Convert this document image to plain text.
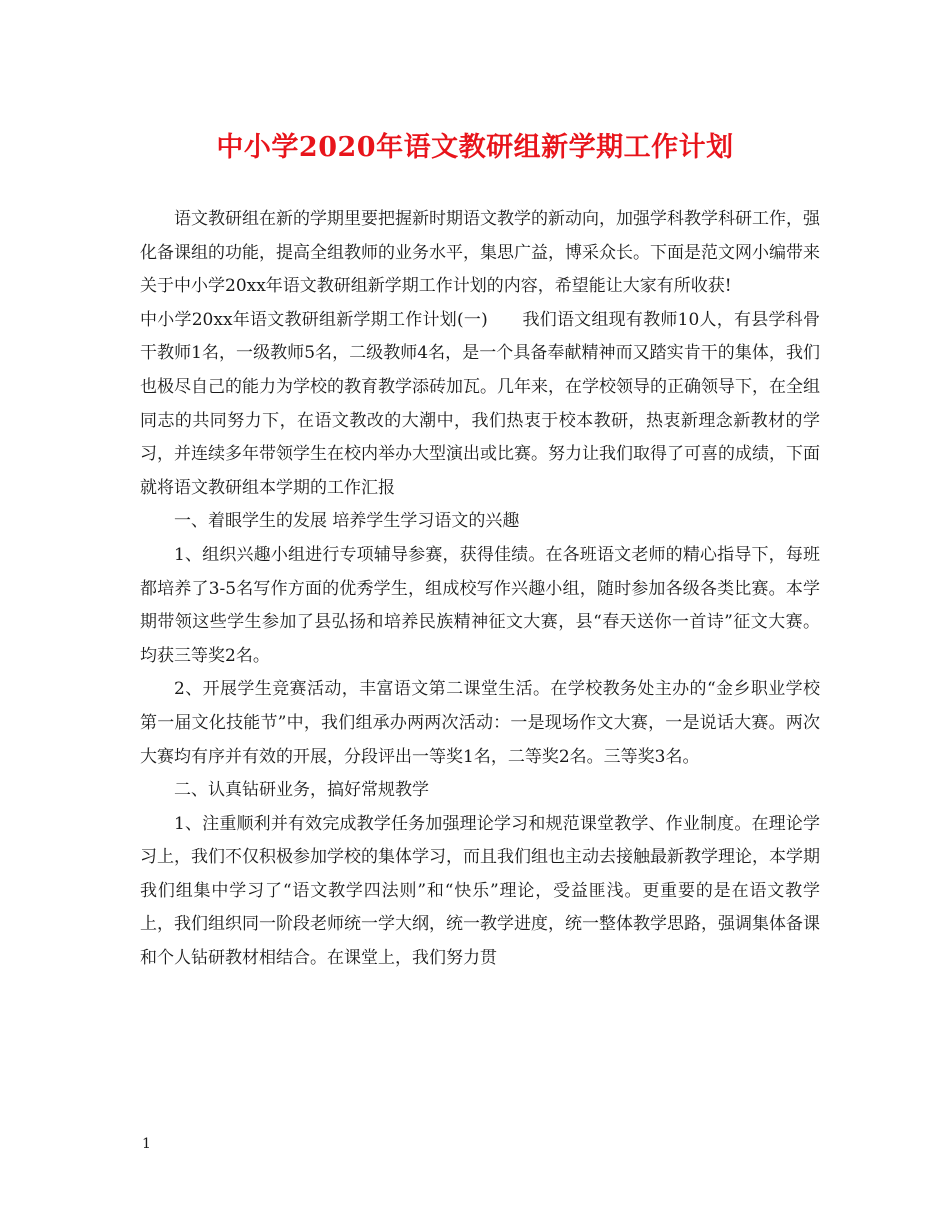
中小学2020年语文教研组新学期工作计划

语文教研组在新的学期里要把握新时期语文教学的新动向，加强学科教学科研工作，强化备课组的功能，提高全组教师的业务水平，集思广益，博采众长。下面是范文网小编带来关于中小学20xx年语文教研组新学期工作计划的内容，希望能让大家有所收获!

中小学20xx年语文教研组新学期工作计划(一)　　我们语文组现有教师10人，有县学科骨干教师1名，一级教师5名，二级教师4名，是一个具备奉献精神而又踏实肯干的集体，我们也极尽自己的能力为学校的教育教学添砖加瓦。几年来，在学校领导的正确领导下，在全组同志的共同努力下，在语文教改的大潮中，我们热衷于校本教研，热衷新理念新教材的学习，并连续多年带领学生在校内举办大型演出或比赛。努力让我们取得了可喜的成绩，下面就将语文教研组本学期的工作汇报

一、着眼学生的发展 培养学生学习语文的兴趣

1、组织兴趣小组进行专项辅导参赛，获得佳绩。在各班语文老师的精心指导下，每班都培养了3-5名写作方面的优秀学生，组成校写作兴趣小组，随时参加各级各类比赛。本学期带领这些学生参加了县弘扬和培养民族精神征文大赛，县“春天送你一首诗”征文大赛。均获三等奖2名。

2、开展学生竞赛活动，丰富语文第二课堂生活。在学校教务处主办的“金乡职业学校第一届文化技能节”中，我们组承办两两次活动：一是现场作文大赛，一是说话大赛。两次大赛均有序并有效的开展，分段评出一等奖1名，二等奖2名。三等奖3名。

二、认真钻研业务，搞好常规教学

1、注重顺利并有效完成教学任务加强理论学习和规范课堂教学、作业制度。在理论学习上，我们不仅积极参加学校的集体学习，而且我们组也主动去接触最新教学理论，本学期我们组集中学习了“语文教学四法则”和“快乐”理论，受益匪浅。更重要的是在语文教学上，我们组织同一阶段老师统一学大纲，统一教学进度，统一整体教学思路，强调集体备课和个人钻研教材相结合。在课堂上，我们努力贯

1
